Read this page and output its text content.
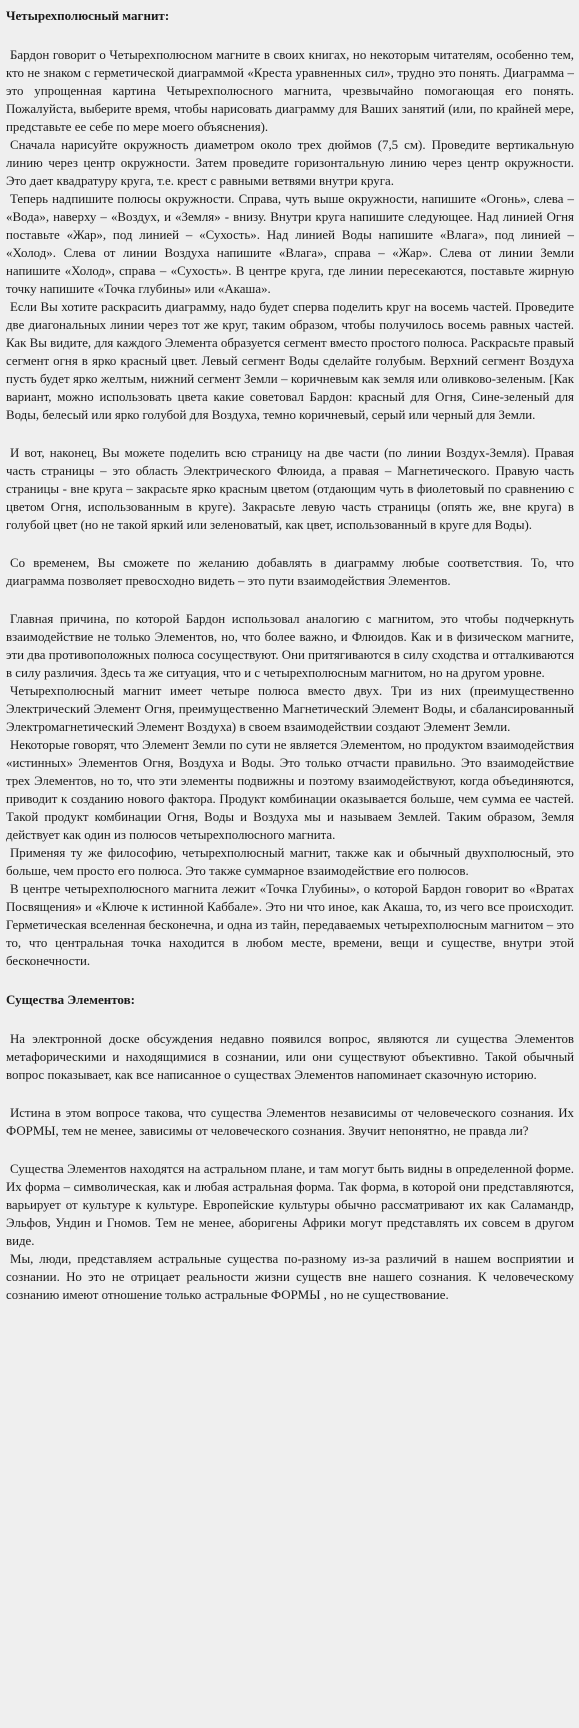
Четырехполюсный магнит:

Бардон говорит о Четырехполюсном магните в своих книгах, но некоторым читателям, особенно тем, кто не знаком с герметической диаграммой «Креста уравненных сил», трудно это понять. Диаграмма – это упрощенная картина Четырехполюсного магнита, чрезвычайно помогающая его понять. Пожалуйста, выберите время, чтобы нарисовать диаграмму для Ваших занятий (или, по крайней мере, представьте ее себе по мере моего объяснения).

Сначала нарисуйте окружность диаметром около трех дюймов (7,5 см). Проведите вертикальную линию через центр окружности. Затем проведите горизонтальную линию через центр окружности. Это дает квадратуру круга, т.е. крест с равными ветвями внутри круга.

Теперь надпишите полюсы окружности. Справа, чуть выше окружности, напишите «Огонь», слева – «Вода», наверху – «Воздух, и «Земля» - внизу. Внутри круга напишите следующее. Над линией Огня поставьте «Жар», под линией – «Сухость». Над линией Воды напишите «Влага», под линией – «Холод». Слева от линии Воздуха напишите «Влага», справа – «Жар». Слева от линии Земли напишите «Холод», справа – «Сухость». В центре круга, где линии пересекаются, поставьте жирную точку напишите «Точка глубины» или «Акаша».

Если Вы хотите раскрасить диаграмму, надо будет сперва поделить круг на восемь частей. Проведите две диагональных линии через тот же круг, таким образом, чтобы получилось восемь равных частей. Как Вы видите, для каждого Элемента образуется сегмент вместо простого полюса. Раскрасьте правый сегмент огня в ярко красный цвет. Левый сегмент Воды сделайте голубым. Верхний сегмент Воздуха пусть будет ярко желтым, нижний сегмент Земли – коричневым как земля или оливково-зеленым. [Как вариант, можно использовать цвета какие советовал Бардон: красный для Огня, Сине-зеленый для Воды, белесый или ярко голубой для Воздуха, темно коричневый, серый или черный для Земли.

И вот, наконец, Вы можете поделить всю страницу на две части (по линии Воздух-Земля). Правая часть страницы – это область Электрического Флюида, а правая – Магнетического. Правую часть страницы - вне круга – закрасьте ярко красным цветом (отдающим чуть в фиолетовый по сравнению с цветом Огня, использованным в круге). Закрасьте левую часть страницы (опять же, вне круга) в голубой цвет (но не такой яркий или зеленоватый, как цвет, использованный в круге для Воды).

Со временем, Вы сможете по желанию добавлять в диаграмму любые соответствия. То, что диаграмма позволяет превосходно видеть – это пути взаимодействия Элементов.

Главная причина, по которой Бардон использовал аналогию с магнитом, это чтобы подчеркнуть взаимодействие не только Элементов, но, что более важно, и Флюидов. Как и в физическом магните, эти два противоположных полюса сосуществуют. Они притягиваются в силу сходства и отталкиваются в силу различия. Здесь та же ситуация, что и с четырехполюсным магнитом, но на другом уровне.

Четырехполюсный магнит имеет четыре полюса вместо двух. Три из них (преимущественно Электрический Элемент Огня, преимущественно Магнетический Элемент Воды, и сбалансированный Электромагнетический Элемент Воздуха) в своем взаимодействии создают Элемент Земли.

Некоторые говорят, что Элемент Земли по сути не является Элементом, но продуктом взаимодействия «истинных» Элементов Огня, Воздуха и Воды. Это только отчасти правильно. Это взаимодействие трех Элементов, но то, что эти элементы подвижны и поэтому взаимодействуют, когда объединяются, приводит к созданию нового фактора. Продукт комбинации оказывается больше, чем сумма ее частей. Такой продукт комбинации Огня, Воды и Воздуха мы и называем Землей. Таким образом, Земля действует как один из полюсов четырехполюсного магнита.

Применяя ту же философию, четырехполюсный магнит, также как и обычный двухполюсный, это больше, чем просто его полюса. Это также суммарное взаимодействие его полюсов.

В центре четырехполюсного магнита лежит «Точка Глубины», о которой Бардон говорит во «Вратах Посвящения» и «Ключе к истинной Каббале». Это ни что иное, как Акаша, то, из чего все происходит. Герметическая вселенная бесконечна, и одна из тайн, передаваемых четырехполюсным магнитом – это то, что центральная точка находится в любом месте, времени, вещи и существе, внутри этой бесконечности.

Существа Элементов:

На электронной доске обсуждения недавно появился вопрос, являются ли существа Элементов метафорическими и находящимися в сознании, или они существуют объективно. Такой обычный вопрос показывает, как все написанное о существах Элементов напоминает сказочную историю.

Истина в этом вопросе такова, что существа Элементов независимы от человеческого сознания. Их ФОРМЫ, тем не менее, зависимы от человеческого сознания. Звучит непонятно, не правда ли?

Существа Элементов находятся на астральном плане, и там могут быть видны в определенной форме. Их форма – символическая, как и любая астральная форма. Так форма, в которой они представляются, варьирует от культуре к культуре. Европейские культуры обычно рассматривают их как Саламандр, Эльфов, Ундин и Гномов. Тем не менее, аборигены Африки могут представлять их совсем в другом виде.

Мы, люди, представляем астральные существа по-разному из-за различий в нашем восприятии и сознании. Но это не отрицает реальности жизни существ вне нашего сознания. К человеческому сознанию имеют отношение только астральные ФОРМЫ , но не существование.
